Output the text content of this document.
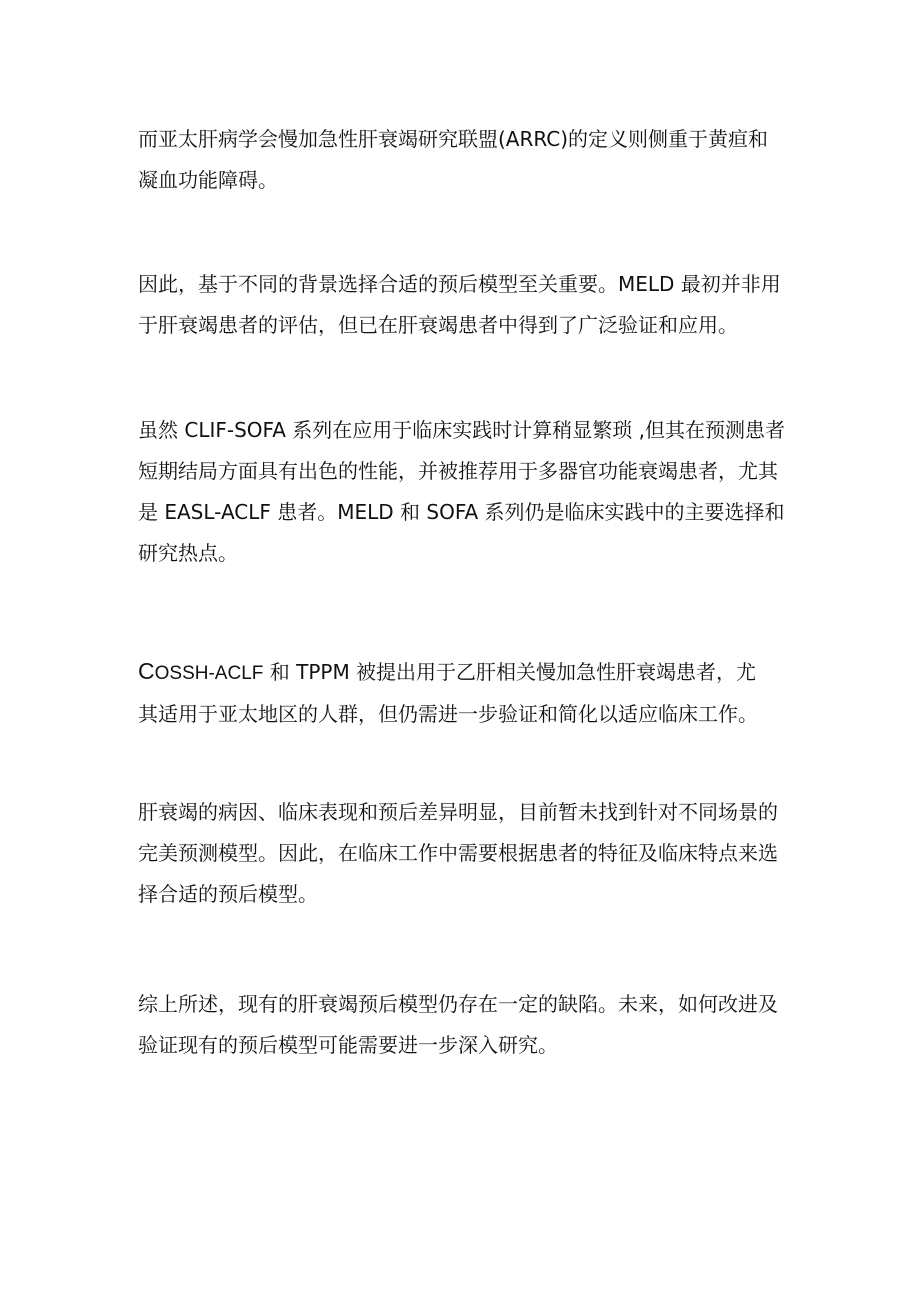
而亚太肝病学会慢加急性肝衰竭研究联盟(ARRC)的定义则侧重于黄疸和
凝血功能障碍。

因此，基于不同的背景选择合适的预后模型至关重要。MELD 最初并非用
于肝衰竭患者的评估，但已在肝衰竭患者中得到了广泛验证和应用。

虽然 CLIF-SOFA 系列在应用于临床实践时计算稍显繁琐 ,但其在预测患者
短期结局方面具有出色的性能，并被推荐用于多器官功能衰竭患者，尤其
是 EASL-ACLF 患者。MELD 和 SOFA 系列仍是临床实践中的主要选择和
研究热点。

COSSH-ACLF 和 TPPM 被提出用于乙肝相关慢加急性肝衰竭患者，尤
其适用于亚太地区的人群，但仍需进一步验证和简化以适应临床工作。

肝衰竭的病因、临床表现和预后差异明显，目前暂未找到针对不同场景的
完美预测模型。因此，在临床工作中需要根据患者的特征及临床特点来选
择合适的预后模型。

综上所述，现有的肝衰竭预后模型仍存在一定的缺陷。未来，如何改进及
验证现有的预后模型可能需要进一步深入研究。
